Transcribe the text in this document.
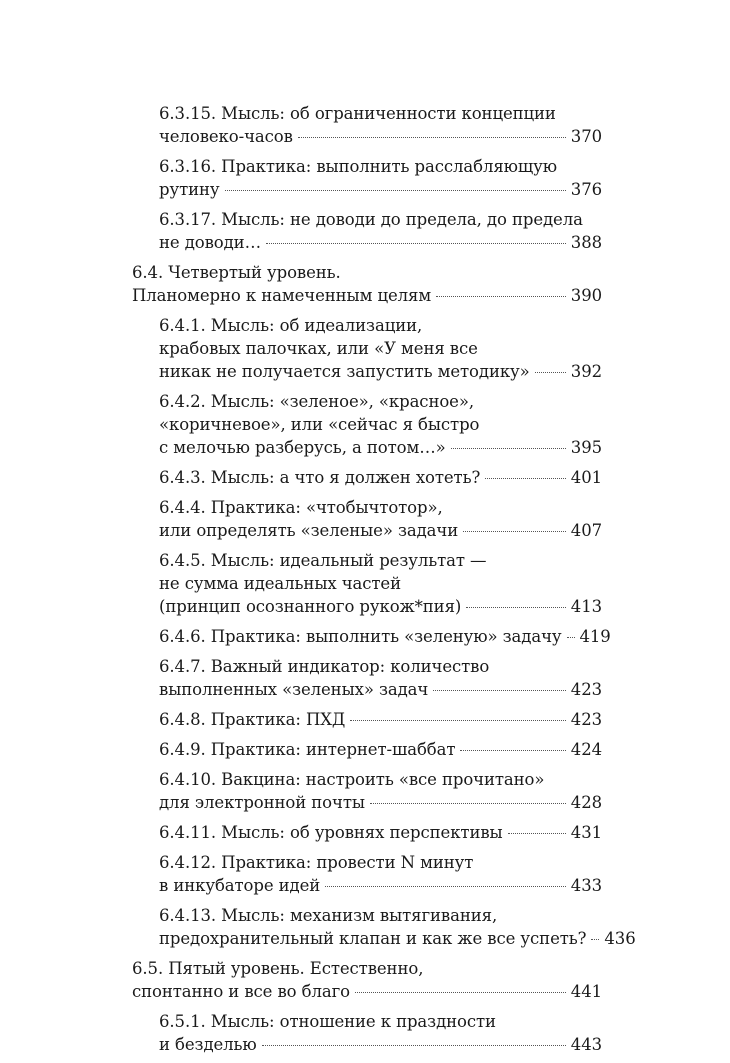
6.3.15. Мысль: об ограниченности концепции
человеко-часов	370
6.3.16. Практика: выполнить расслабляющую
рутину	376
6.3.17. Мысль: не доводи до предела, до предела
не доводи…	388
6.4. Четвертый уровень.
Планомерно к намеченным целям	390
6.4.1. Мысль: об идеализации,
крабовых палочках, или «У меня все
никак не получается запустить методику» 392
6.4.2. Мысль: «зеленое», «красное»,
«коричневое», или «сейчас я быстро
с мелочью разберусь, а потом…»	395
6.4.3. Мысль: а что я должен хотеть?	401
6.4.4. Практика: «чтобычтотор»,
или определять «зеленые» задачи	407
6.4.5. Мысль: идеальный результат —
не сумма идеальных частей
(принцип осознанного рукож*пия)	413
6.4.6. Практика: выполнить «зеленую» задачу 419
6.4.7. Важный индикатор: количество
выполненных «зеленых» задач	423
6.4.8. Практика: ПХД	423
6.4.9. Практика: интернет-шаббат	424
6.4.10. Вакцина: настроить «все прочитано»
для электронной почты	428
6.4.11. Мысль: об уровнях перспективы	431
6.4.12. Практика: провести N минут
в инкубаторе идей	433
6.4.13. Мысль: механизм вытягивания,
предохранительный клапан и как же все успеть? 436
6.5. Пятый уровень. Естественно,
спонтанно и все во благо	441
6.5.1. Мысль: отношение к праздности
и безделью	443
